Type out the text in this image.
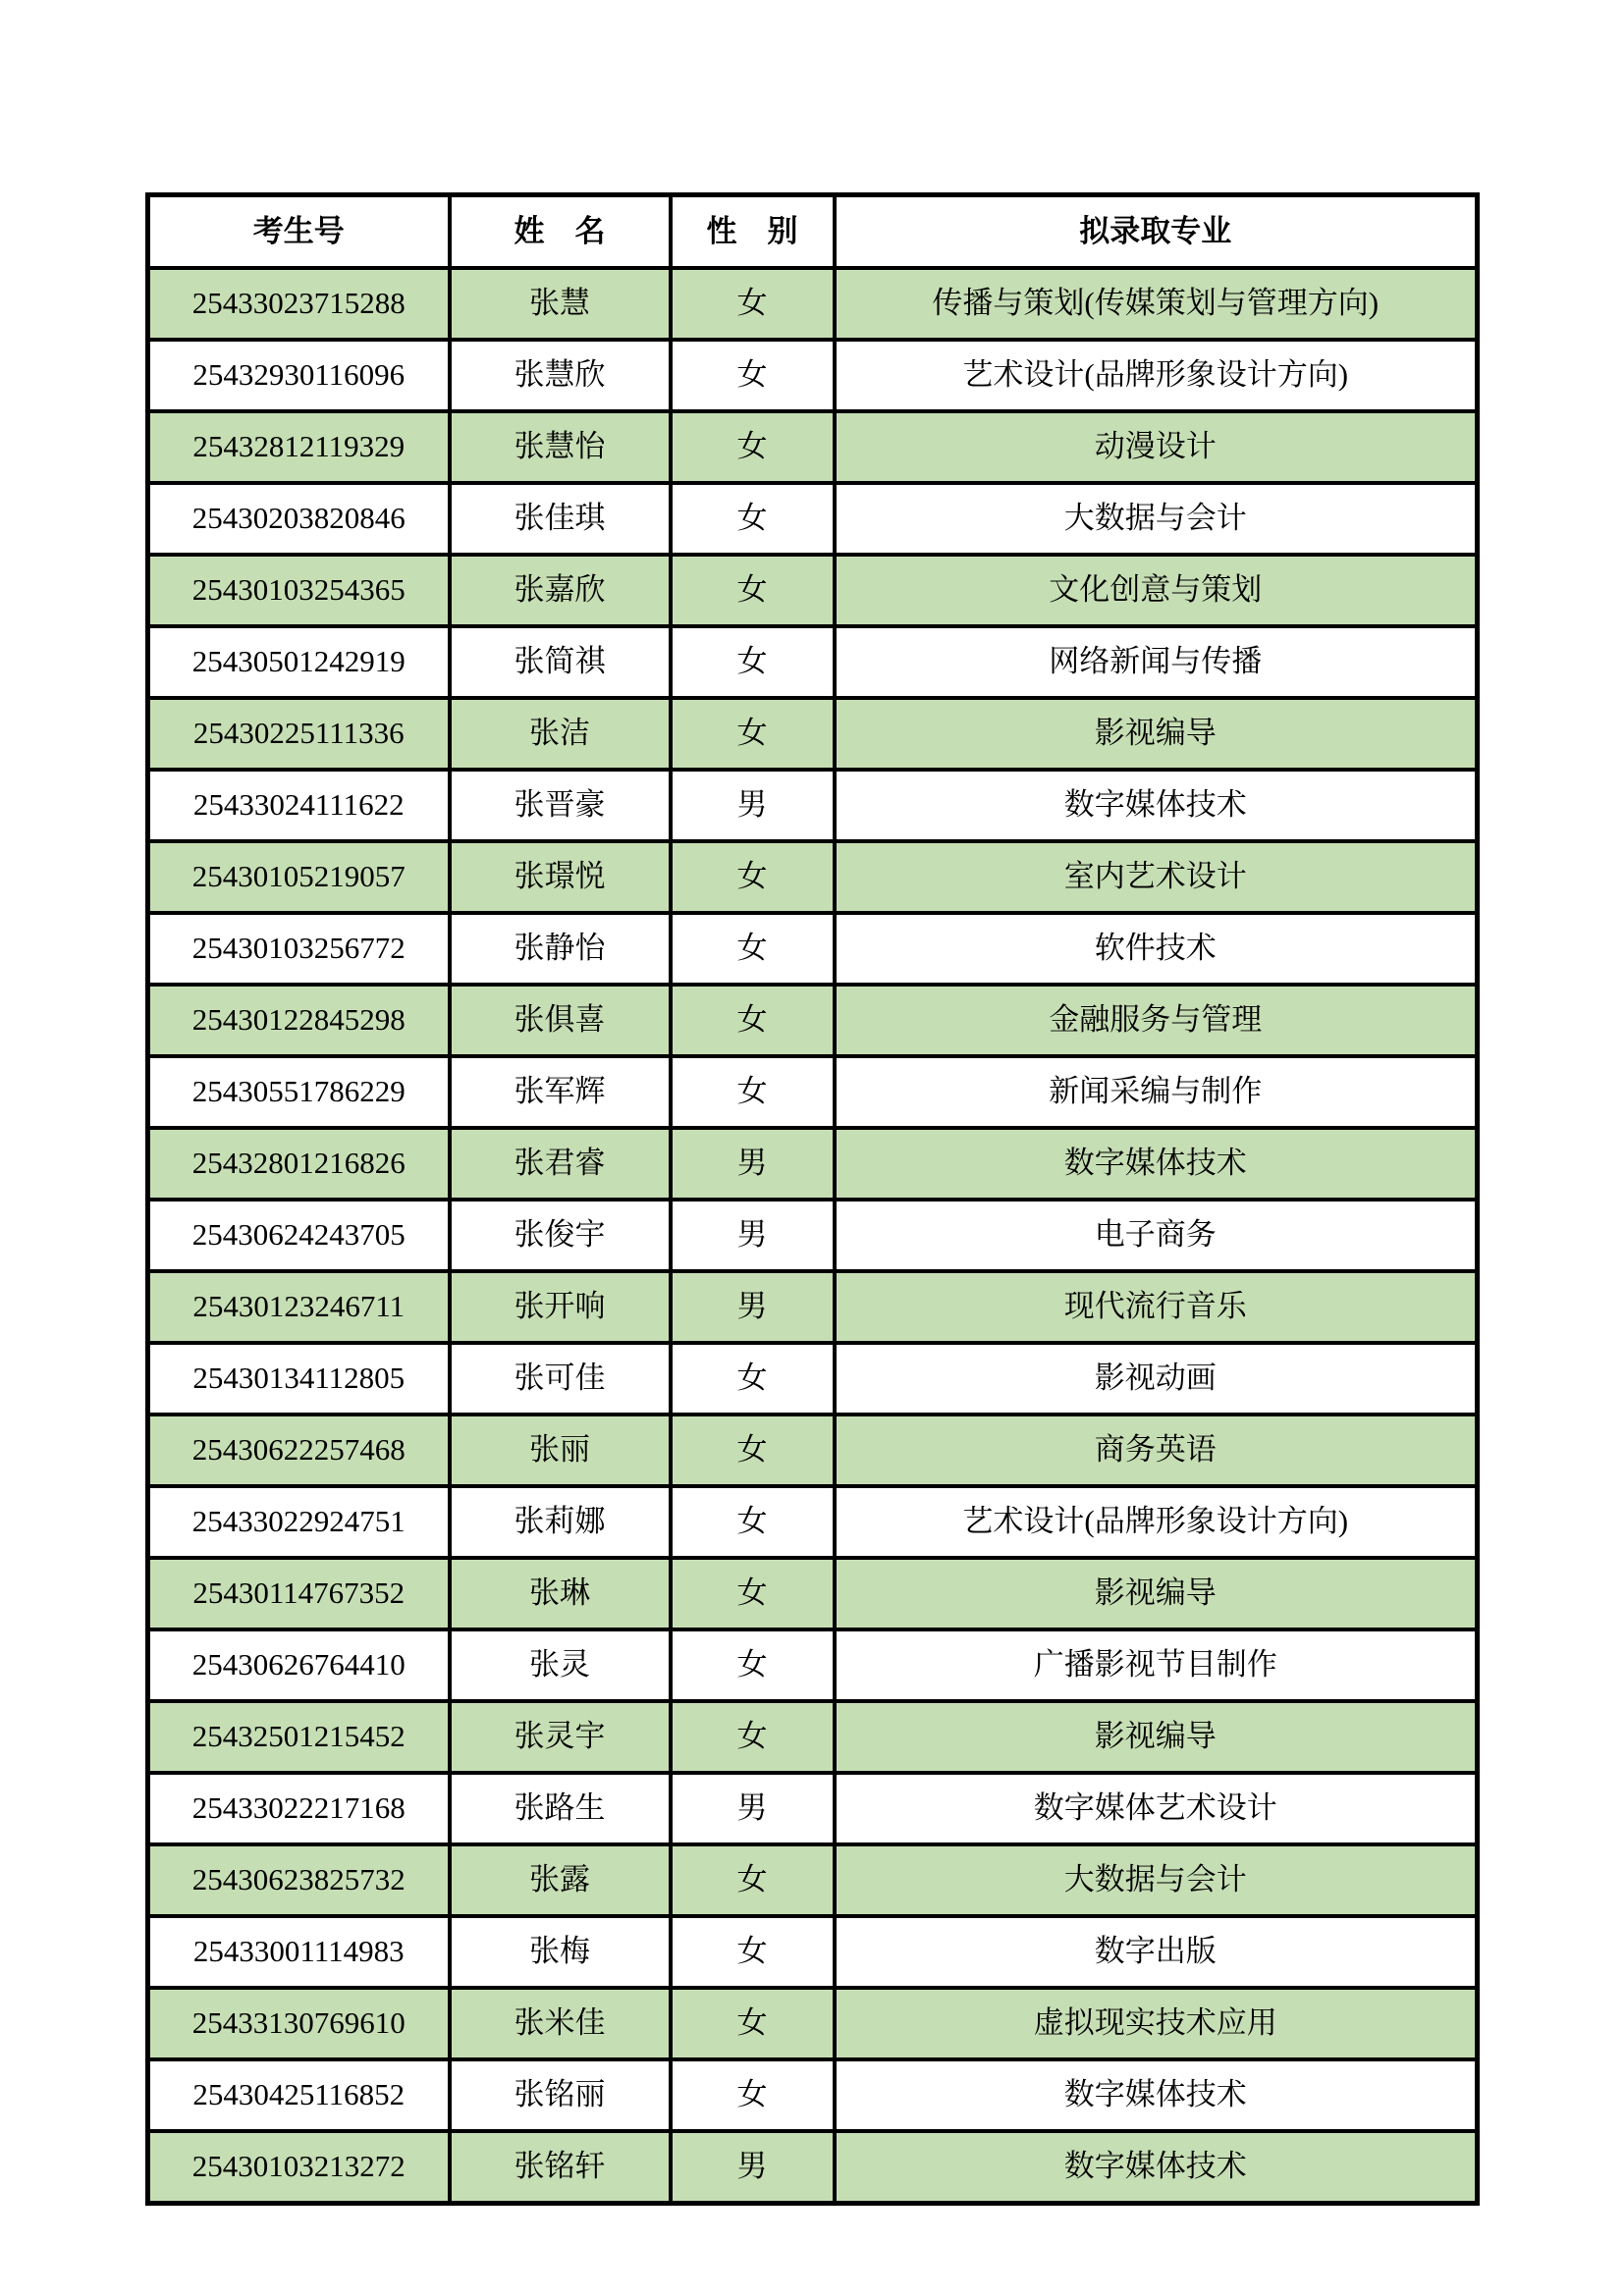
考生号	姓　名	性　别	拟录取专业
25433023715288	张慧	女	传播与策划(传媒策划与管理方向)
25432930116096	张慧欣	女	艺术设计(品牌形象设计方向)
25432812119329	张慧怡	女	动漫设计
25430203820846	张佳琪	女	大数据与会计
25430103254365	张嘉欣	女	文化创意与策划
25430501242919	张简祺	女	网络新闻与传播
25430225111336	张洁	女	影视编导
25433024111622	张晋豪	男	数字媒体技术
25430105219057	张璟悦	女	室内艺术设计
25430103256772	张静怡	女	软件技术
25430122845298	张俱喜	女	金融服务与管理
25430551786229	张军辉	女	新闻采编与制作
25432801216826	张君睿	男	数字媒体技术
25430624243705	张俊宇	男	电子商务
25430123246711	张开响	男	现代流行音乐
25430134112805	张可佳	女	影视动画
25430622257468	张丽	女	商务英语
25433022924751	张莉娜	女	艺术设计(品牌形象设计方向)
25430114767352	张琳	女	影视编导
25430626764410	张灵	女	广播影视节目制作
25432501215452	张灵宇	女	影视编导
25433022217168	张路生	男	数字媒体艺术设计
25430623825732	张露	女	大数据与会计
25433001114983	张梅	女	数字出版
25433130769610	张米佳	女	虚拟现实技术应用
25430425116852	张铭丽	女	数字媒体技术
25430103213272	张铭轩	男	数字媒体技术
